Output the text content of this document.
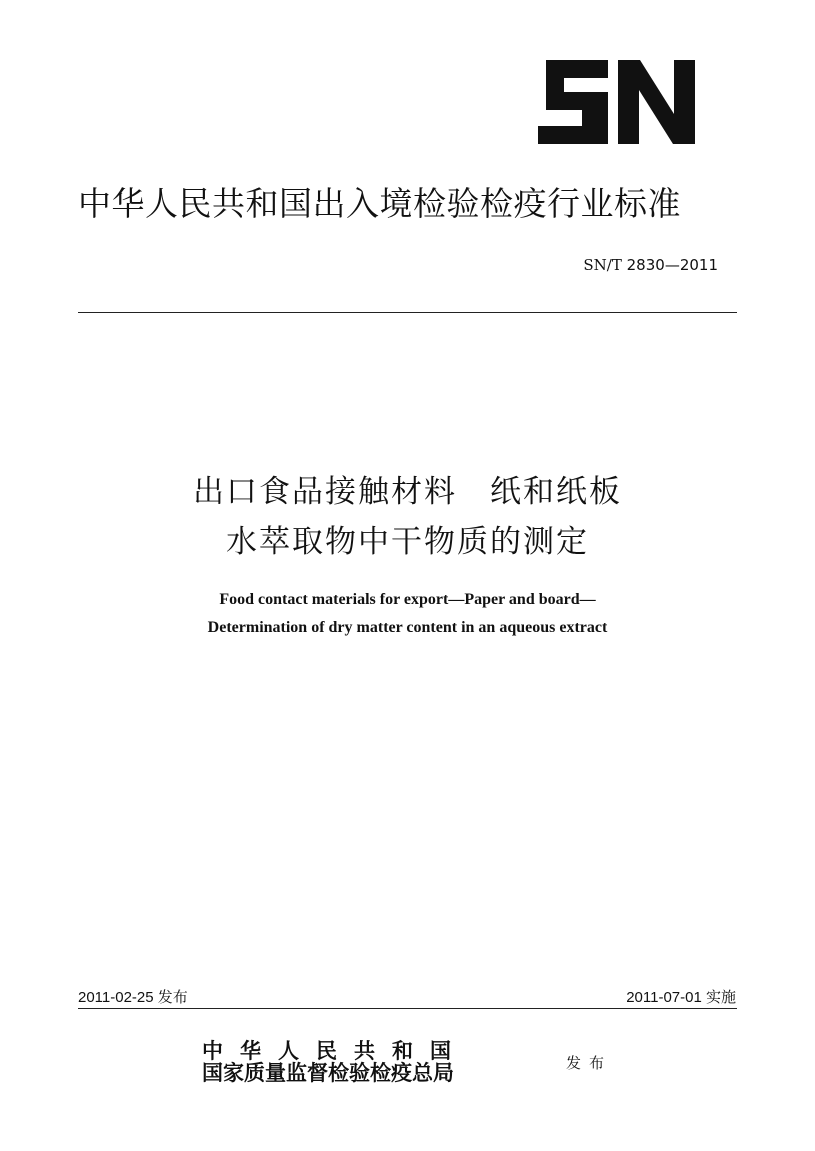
中华人民共和国出入境检验检疫行业标准
SN/T 2830—2011
出口食品接触材料　纸和纸板
水萃取物中干物质的测定
Food contact materials for export—Paper and board—
Determination of dry matter content in an aqueous extract
2011-02-25 发布	2011-07-01 实施
中华人民共和国
国家质量监督检验检疫总局	发布
